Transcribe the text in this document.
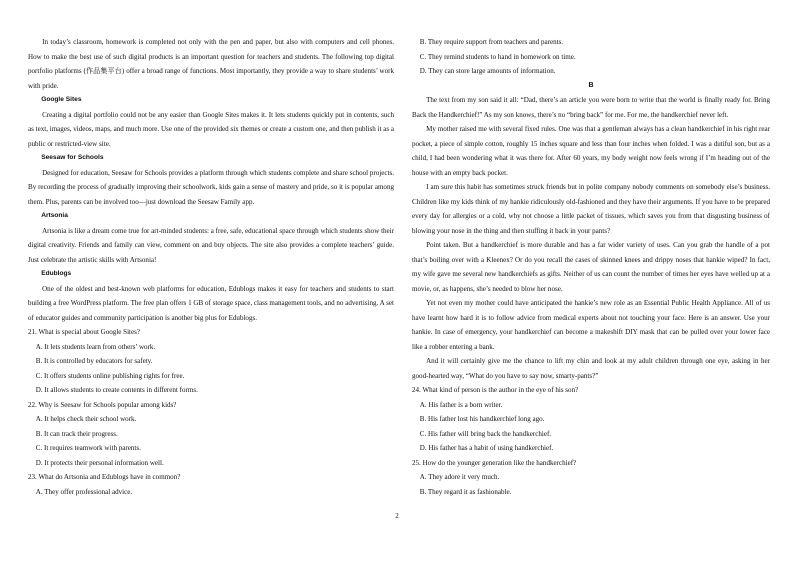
In today’s classroom, homework is completed not only with the pen and paper, but also with computers and cell phones. How to make the best use of such digital products is an important question for teachers and students. The following top digital portfolio platforms (作品集平台) offer a broad range of functions. Most importantly, they provide a way to share students’ work with pride.

Google Sites

Creating a digital portfolio could not be any easier than Google Sites makes it. It lets students quickly put in contents, such as text, images, videos, maps, and much more. Use one of the provided six themes or create a custom one, and then publish it as a public or restricted-view site.

Seesaw for Schools

Designed for education, Seesaw for Schools provides a platform through which students complete and share school projects. By recording the process of gradually improving their schoolwork, kids gain a sense of mastery and pride, so it is popular among them. Plus, parents can be involved too—just download the Seesaw Family app.

Artsonia

Artsonia is like a dream come true for art-minded students: a free, safe, educational space through which students show their digital creativity. Friends and family can view, comment on and buy objects. The site also provides a complete teachers’ guide. Just celebrate the artistic skills with Artsonia!

Edublogs

One of the oldest and best-known web platforms for education, Edublogs makes it easy for teachers and students to start building a free WordPress platform. The free plan offers 1 GB of storage space, class management tools, and no advertising. A set of educator guides and community participation is another big plus for Edublogs.

21. What is special about Google Sites?

A. It lets students learn from others’ work.

B. It is controlled by educators for safety.

C. It offers students online publishing rights for free.

D. It allows students to create contents in different forms.

22. Why is Seesaw for Schools popular among kids?

A. It helps check their school work.

B. It can track their progress.

C. It requires teamwork with parents.

D. It protects their personal information well.

23. What do Artsonia and Edublogs have in common?

A. They offer professional advice.

B. They require support from teachers and parents.

C. They remind students to hand in homework on time.

D. They can store large amounts of information.

B

The text from my son said it all: “Dad, there’s an article you were born to write that the world is finally ready for. Bring Back the Handkerchief!” As my son knows, there’s no “bring back” for me. For me, the handkerchief never left.

My mother raised me with several fixed rules. One was that a gentleman always has a clean handkerchief in his right rear pocket, a piece of simple cotton, roughly 15 inches square and less than four inches when folded. I was a dutiful son, but as a child, I had been wondering what it was there for. After 60 years, my body weight now feels wrong if I’m heading out of the house with an empty back pocket.

I am sure this habit has sometimes struck friends but in polite company nobody comments on somebody else’s business. Children like my kids think of my hankie ridiculously old-fashioned and they have their arguments. If you have to be prepared every day for allergies or a cold, why not choose a little packet of tissues, which saves you from that disgusting business of blowing your nose in the thing and then stuffing it back in your pants?

Point taken. But a handkerchief is more durable and has a far wider variety of uses. Can you grab the handle of a pot that’s boiling over with a Kleenex? Or do you recall the cases of skinned knees and drippy noses that hankie wiped? In fact, my wife gave me several new handkerchiefs as gifts. Neither of us can count the number of times her eyes have welled up at a movie, or, as happens, she’s needed to blow her nose.

Yet not even my mother could have anticipated the hankie’s new role as an Essential Public Health Appliance. All of us have learnt how hard it is to follow advice from medical experts about not touching your face. Here is an answer. Use your hankie. In case of emergency, your handkerchief can become a makeshift DIY mask that can be pulled over your lower face like a robber entering a bank.

And it will certainly give me the chance to lift my chin and look at my adult children through one eye, asking in her good-hearted way, “What do you have to say now, smarty-pants?”

24. What kind of person is the author in the eye of his son?

A. His father is a born writer.

B. His father lost his handkerchief long ago.

C. His father will bring back the handkerchief.

D. His father has a habit of using handkerchief.

25. How do the younger generation like the handkerchief?

A. They adore it very much.

B. They regard it as fashionable.

2
